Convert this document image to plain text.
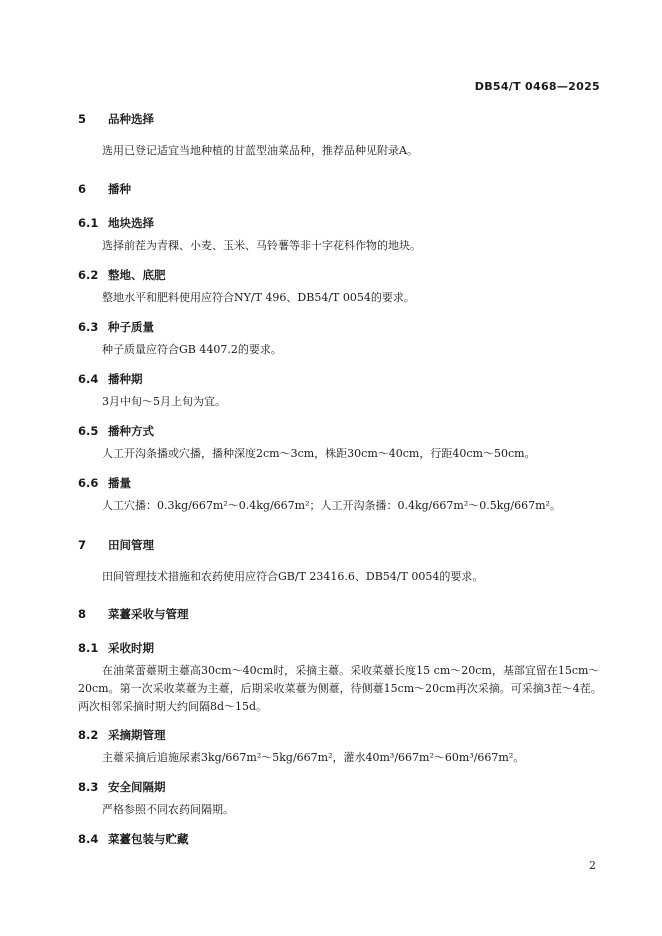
DB54/T 0468—2025
5 品种选择
选用已登记适宜当地种植的甘蓝型油菜品种，推荐品种见附录A。
6 播种
6.1 地块选择
选择前茬为青稞、小麦、玉米、马铃薯等非十字花科作物的地块。
6.2 整地、底肥
整地水平和肥料使用应符合NY/T 496、DB54/T 0054的要求。
6.3 种子质量
种子质量应符合GB 4407.2的要求。
6.4 播种期
3月中旬～5月上旬为宜。
6.5 播种方式
人工开沟条播或穴播，播种深度2cm～3cm，株距30cm～40cm，行距40cm～50cm。
6.6 播量
人工穴播：0.3kg/667m²～0.4kg/667m²；人工开沟条播：0.4kg/667m²～0.5kg/667m²。
7 田间管理
田间管理技术措施和农药使用应符合GB/T 23416.6、DB54/T 0054的要求。
8 菜薹采收与管理
8.1 采收时期
在油菜蕾薹期主薹高30cm～40cm时，采摘主薹。采收菜薹长度15 cm～20cm，基部宜留在15cm～
20cm。第一次采收菜薹为主薹，后期采收菜薹为侧薹，待侧薹15cm～20cm再次采摘。可采摘3茬～4茬。
两次相邻采摘时期大约间隔8d～15d。
8.2 采摘期管理
主薹采摘后追施尿素3kg/667m²～5kg/667m²，灌水40m³/667m²～60m³/667m²。
8.3 安全间隔期
严格参照不同农药间隔期。
8.4 菜薹包装与贮藏
2
